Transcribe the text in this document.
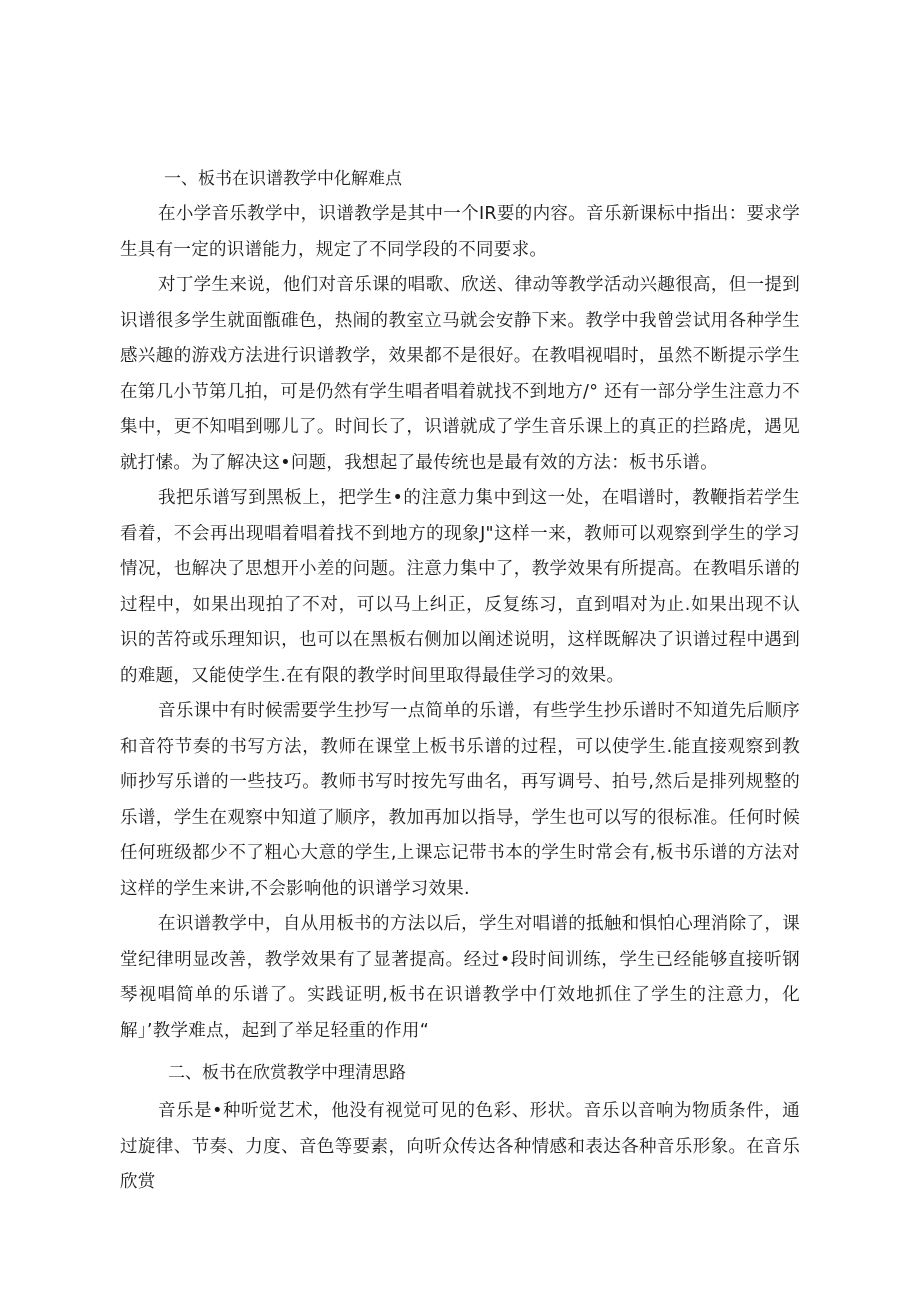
一、板书在识谱教学中化解难点

在小学音乐教学中，识谱教学是其中一个IR要的内容。音乐新课标中指出：要求学生具有一定的识谱能力，规定了不同学段的不同要求。

对丁学生来说，他们对音乐课的唱歌、欣送、律动等教学活动兴趣很高，但一提到识谱很多学生就面甑碓色，热闹的教室立马就会安静下来。教学中我曾尝试用各种学生感兴趣的游戏方法进行识谱教学，效果都不是很好。在教唱视唱时，虽然不断提示学生在第几小节第几拍，可是仍然有学生唱者唱着就找不到地方/° 还有一部分学生注意力不集中，更不知唱到哪儿了。时间长了，识谱就成了学生音乐课上的真正的拦路虎，遇见就打愫。为了解决这•问题，我想起了最传统也是最有效的方法：板书乐谱。

我把乐谱写到黑板上，把学生•的注意力集中到这一处，在唱谱时，教鞭指若学生看着，不会再出现唱着唱着找不到地方的现象J"这样一来，教师可以观察到学生的学习情况，也解决了思想开小差的问题。注意力集中了，教学效果有所提高。在教唱乐谱的过程中，如果出现拍了不对，可以马上纠正，反复练习，直到唱对为止.如果出现不认识的苦符或乐理知识，也可以在黑板右侧加以阐述说明，这样既解决了识谱过程中遇到的难题，又能使学生.在有限的教学时间里取得最佳学习的效果。

音乐课中有时候需要学生抄写一点简单的乐谱，有些学生抄乐谱时不知道先后顺序和音符节奏的书写方法，教师在课堂上板书乐谱的过程，可以使学生.能直接观察到教师抄写乐谱的一些技巧。教师书写时按先写曲名，再写调号、拍号,然后是排列规整的乐谱，学生在观察中知道了顺序，教加再加以指导，学生也可以写的很标准。任何时候任何班级都少不了粗心大意的学生,上课忘记带书本的学生时常会有,板书乐谱的方法对这样的学生来讲,不会影响他的识谱学习效果.

在识谱教学中，自从用板书的方法以后，学生对唱谱的抵触和惧怕心理消除了，课堂纪律明显改善，教学效果有了显著提高。经过•段时间训练，学生已经能够直接听钢琴视唱简单的乐谱了。实践证明,板书在识谱教学中仃效地抓住了学生的注意力，化解」’教学难点，起到了举足轻重的作用“

二、板书在欣赏教学中理清思路

音乐是•种听觉艺术，他没有视觉可见的色彩、形状。音乐以音响为物质条件，通过旋律、节奏、力度、音色等要素，向听众传达各种情感和表达各种音乐形象。在音乐欣赏
